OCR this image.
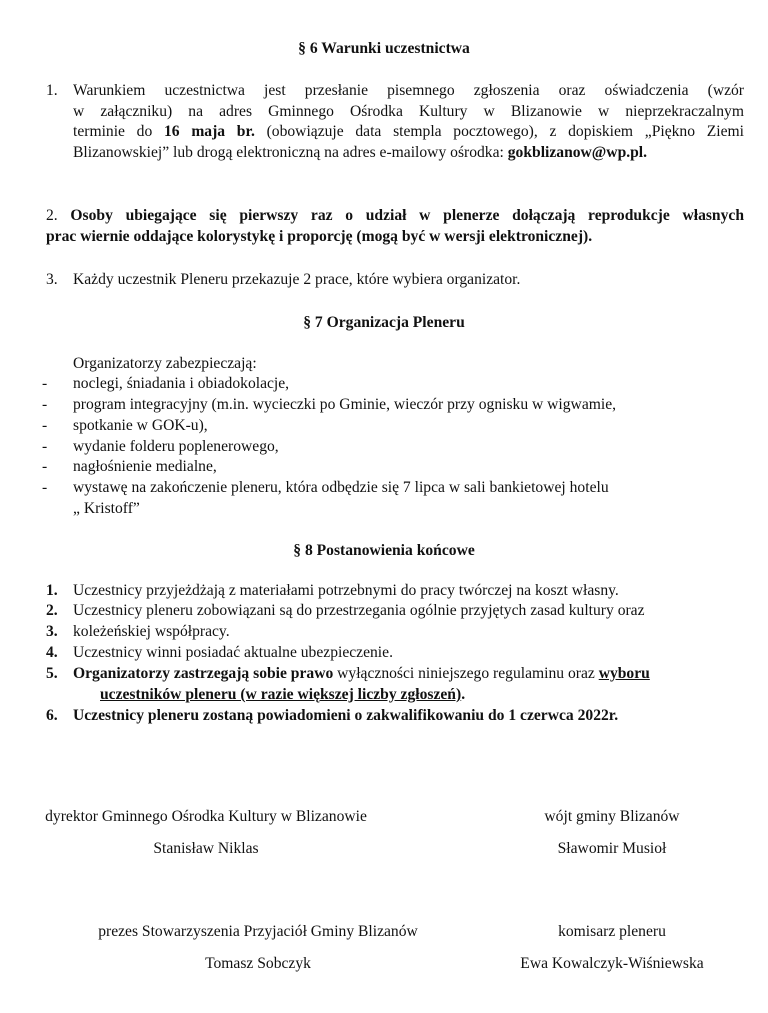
§ 6 Warunki uczestnictwa
1. Warunkiem uczestnictwa jest przesłanie pisemnego zgłoszenia oraz oświadczenia (wzór
w załączniku) na adres Gminnego Ośrodka Kultury w Blizanowie w nieprzekraczalnym
terminie do 16 maja br. (obowiązuje data stempla pocztowego), z dopiskiem „Piękno Ziemi
Blizanowskiej” lub drogą elektroniczną na adres e-mailowy ośrodka: gokblizanow@wp.pl.
2. Osoby ubiegające się pierwszy raz o udział w plenerze dołączają reprodukcje własnych
prac wiernie oddające kolorystykę i proporcję (mogą być w wersji elektronicznej).
3. Każdy uczestnik Pleneru przekazuje 2 prace, które wybiera organizator.
§ 7 Organizacja Pleneru
Organizatorzy zabezpieczają:
- noclegi, śniadania i obiadokolacje,
- program integracyjny (m.in. wycieczki po Gminie, wieczór przy ognisku w wigwamie,
- spotkanie w GOK-u),
- wydanie folderu poplenerowego,
- nagłośnienie medialne,
- wystawę na zakończenie pleneru, która odbędzie się 7 lipca w sali bankietowej hotelu
„ Kristoff”
§ 8 Postanowienia końcowe
1.
2.
3.
4.
5.
6.
Uczestnicy przyjeżdżają z materiałami potrzebnymi do pracy twórczej na koszt własny.
Uczestnicy pleneru zobowiązani są do przestrzegania ogólnie przyjętych zasad kultury oraz
koleżeńskiej współpracy.
Uczestnicy winni posiadać aktualne ubezpieczenie.
Organizatorzy zastrzegają sobie prawo wyłączności niniejszego regulaminu oraz wyboru
uczestników pleneru (w razie większej liczby zgłoszeń).
Uczestnicy pleneru zostaną powiadomieni o zakwalifikowaniu do 1 czerwca 2022r.
dyrektor Gminnego Ośrodka Kultury w Blizanowie
Stanisław Niklas
wójt gminy Blizanów
Sławomir Musioł
prezes Stowarzyszenia Przyjaciół Gminy Blizanów
Tomasz Sobczyk
komisarz pleneru
Ewa Kowalczyk-Wiśniewska
